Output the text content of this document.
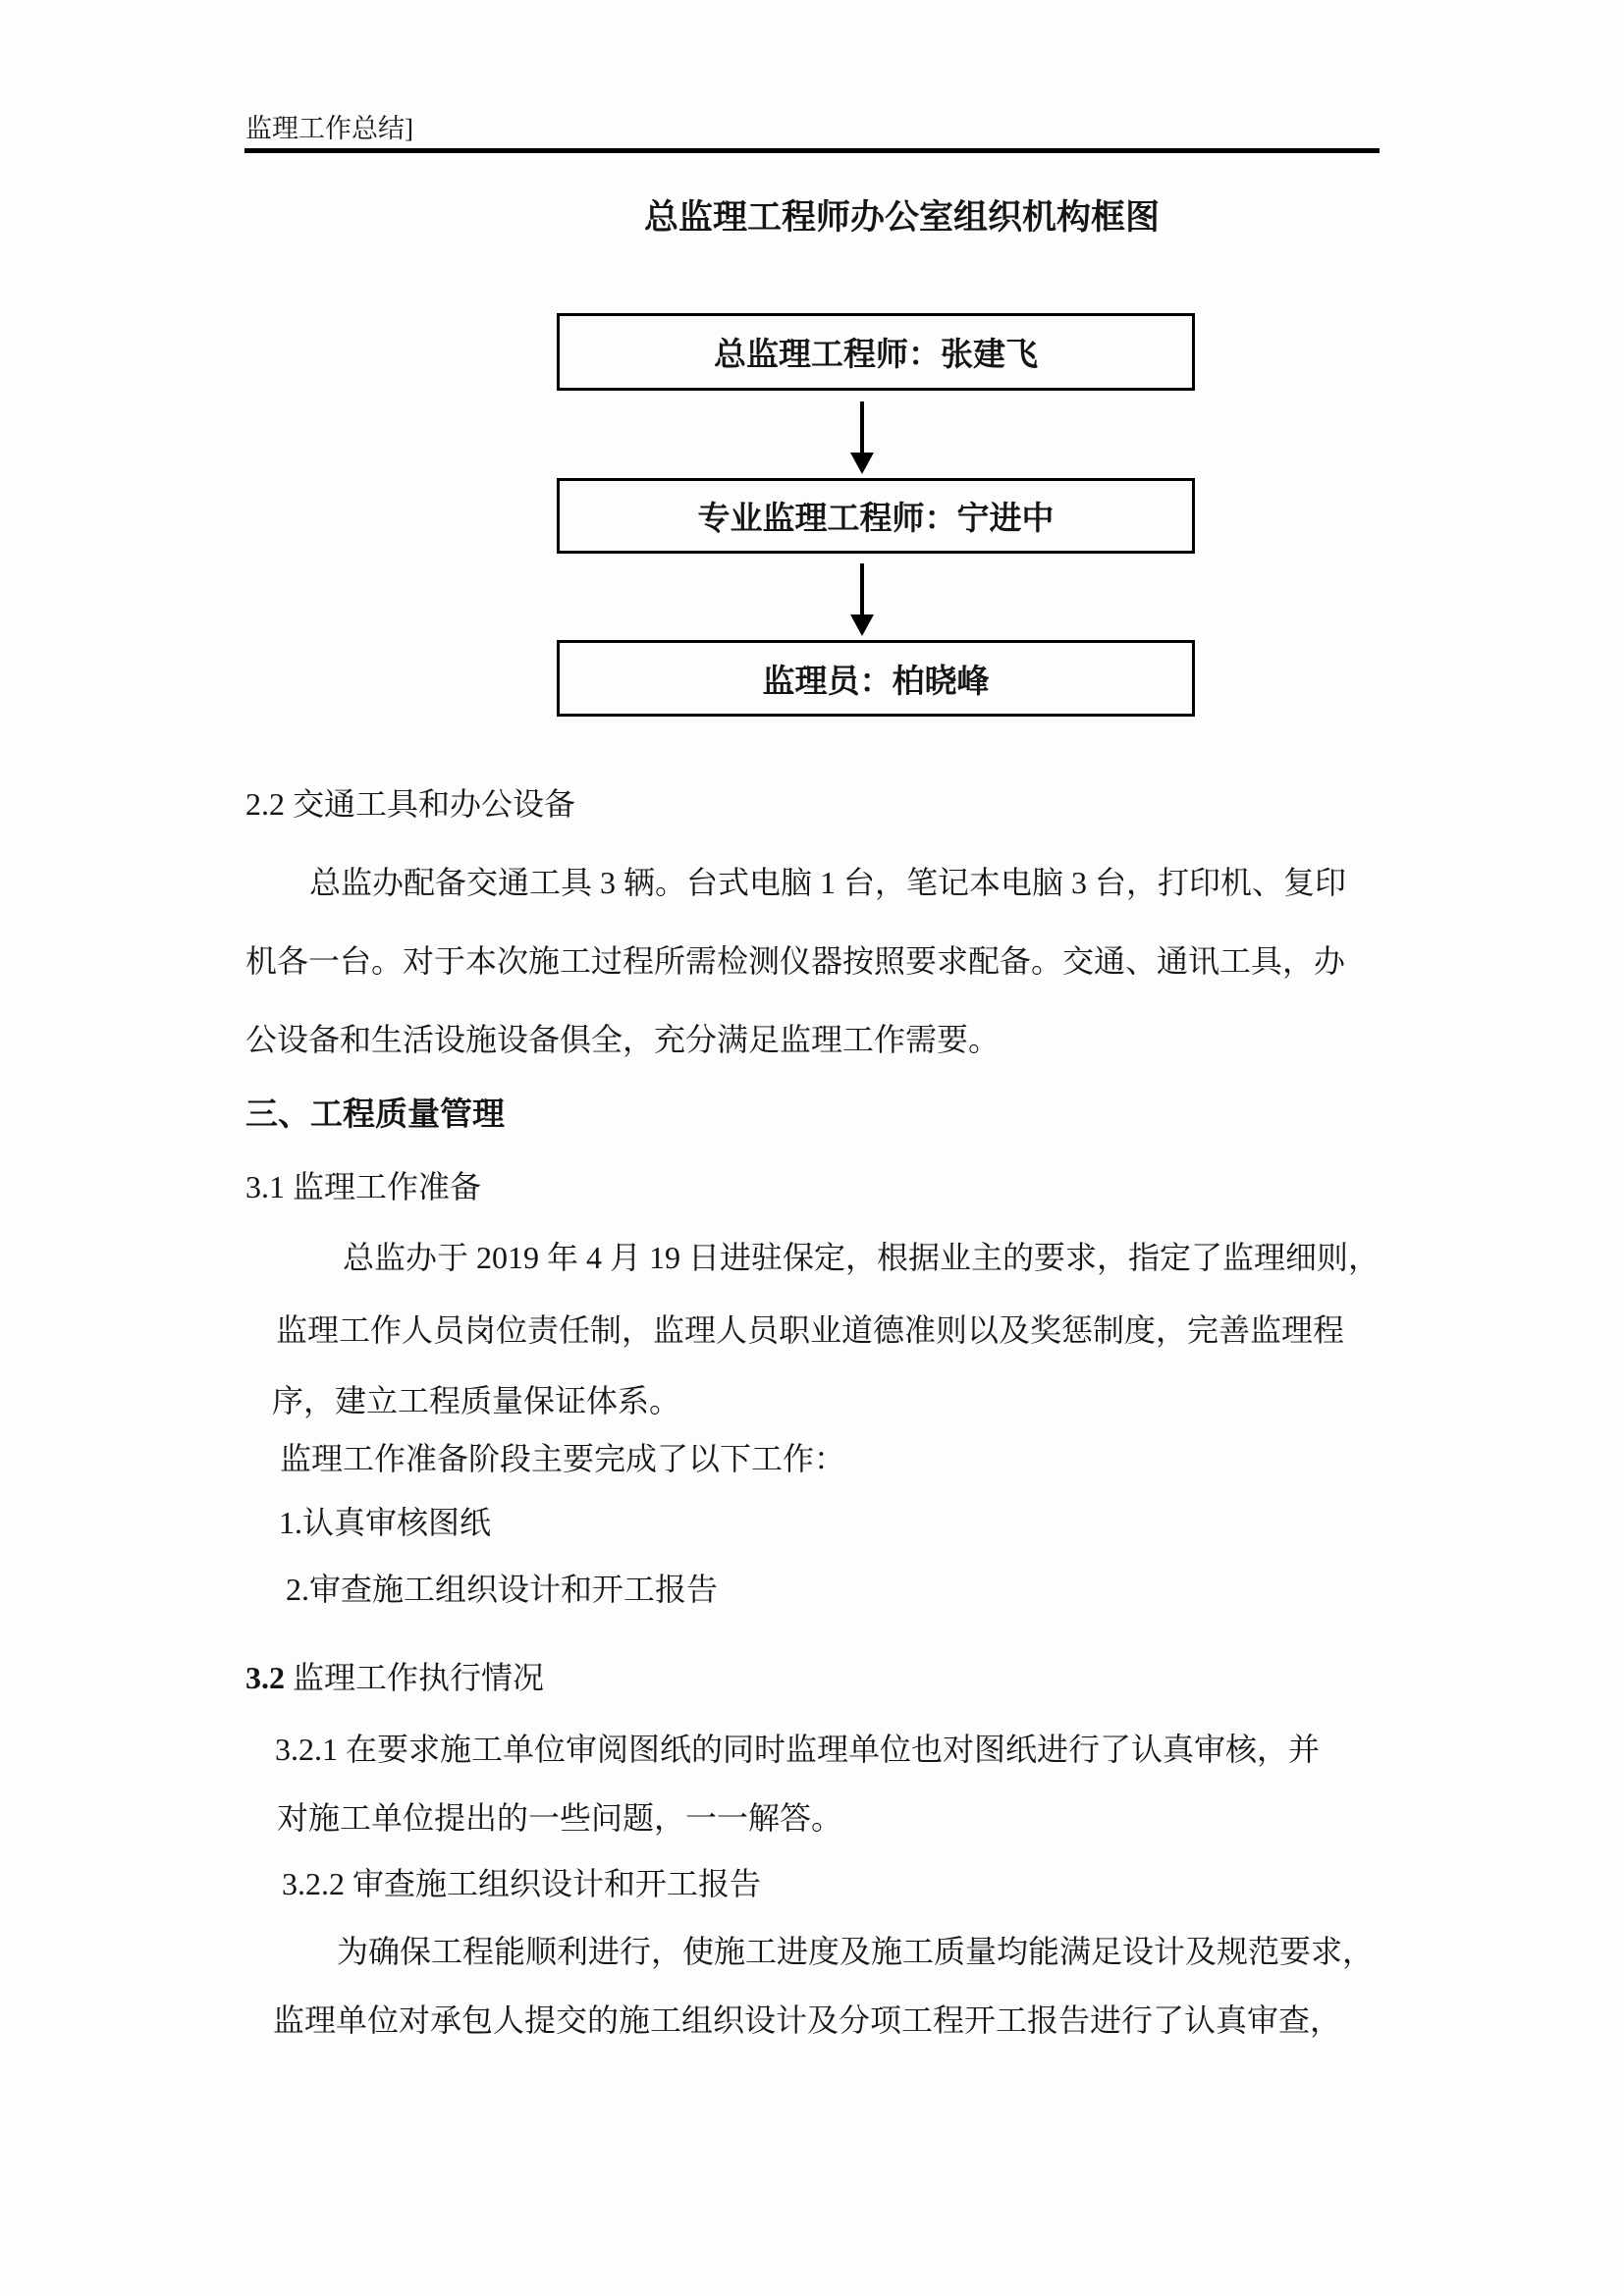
监理工作总结]
总监理工程师办公室组织机构框图
总监理工程师：张建飞
专业监理工程师：宁进中
监理员：柏晓峰
2.2 交通工具和办公设备
总监办配备交通工具 3 辆。台式电脑 1 台，笔记本电脑 3 台，打印机、复印
机各一台。对于本次施工过程所需检测仪器按照要求配备。交通、通讯工具，办
公设备和生活设施设备俱全，充分满足监理工作需要。
三、工程质量管理
3.1 监理工作准备
总监办于 2019 年 4 月 19 日进驻保定，根据业主的要求，指定了监理细则，
监理工作人员岗位责任制，监理人员职业道德准则以及奖惩制度，完善监理程
序，建立工程质量保证体系。
监理工作准备阶段主要完成了以下工作：
1.认真审核图纸
2.审查施工组织设计和开工报告
3.2 监理工作执行情况
3.2.1 在要求施工单位审阅图纸的同时监理单位也对图纸进行了认真审核，并
对施工单位提出的一些问题，一一解答。
3.2.2 审查施工组织设计和开工报告
为确保工程能顺利进行，使施工进度及施工质量均能满足设计及规范要求，
监理单位对承包人提交的施工组织设计及分项工程开工报告进行了认真审查，
